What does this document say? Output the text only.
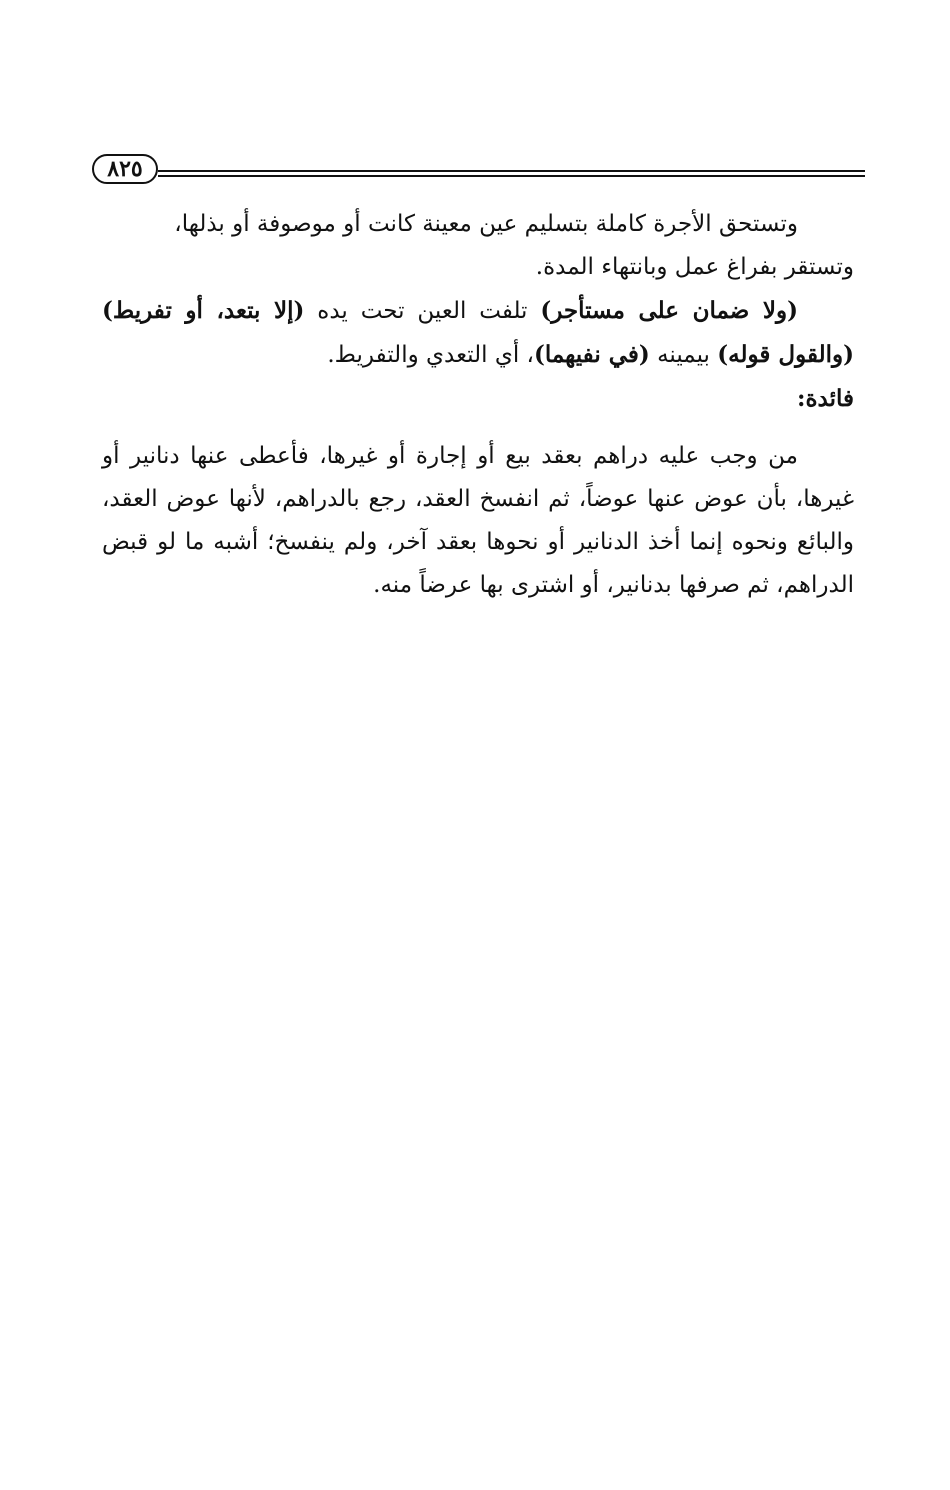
٨٢٥

وتستحق الأجرة كاملة بتسليم عين معينة كانت أو موصوفة أو بذلها،
وتستقر بفراغ عمل وبانتهاء المدة.

(ولا ضمان على مستأجر) تلفت العين تحت يده (إلا بتعد، أو تفريط) (والقول قوله) بيمينه (في نفيهما)، أي التعدي والتفريط.

فائدة:

من وجب عليه دراهم بعقد بيع أو إجارة أو غيرها، فأعطى عنها دنانير أو غيرها، بأن عوض عنها عوضاً، ثم انفسخ العقد، رجع بالدراهم، لأنها عوض العقد، والبائع ونحوه إنما أخذ الدنانير أو نحوها بعقد آخر، ولم ينفسخ؛ أشبه ما لو قبض الدراهم، ثم صرفها بدنانير، أو اشترى بها عرضاً منه.
